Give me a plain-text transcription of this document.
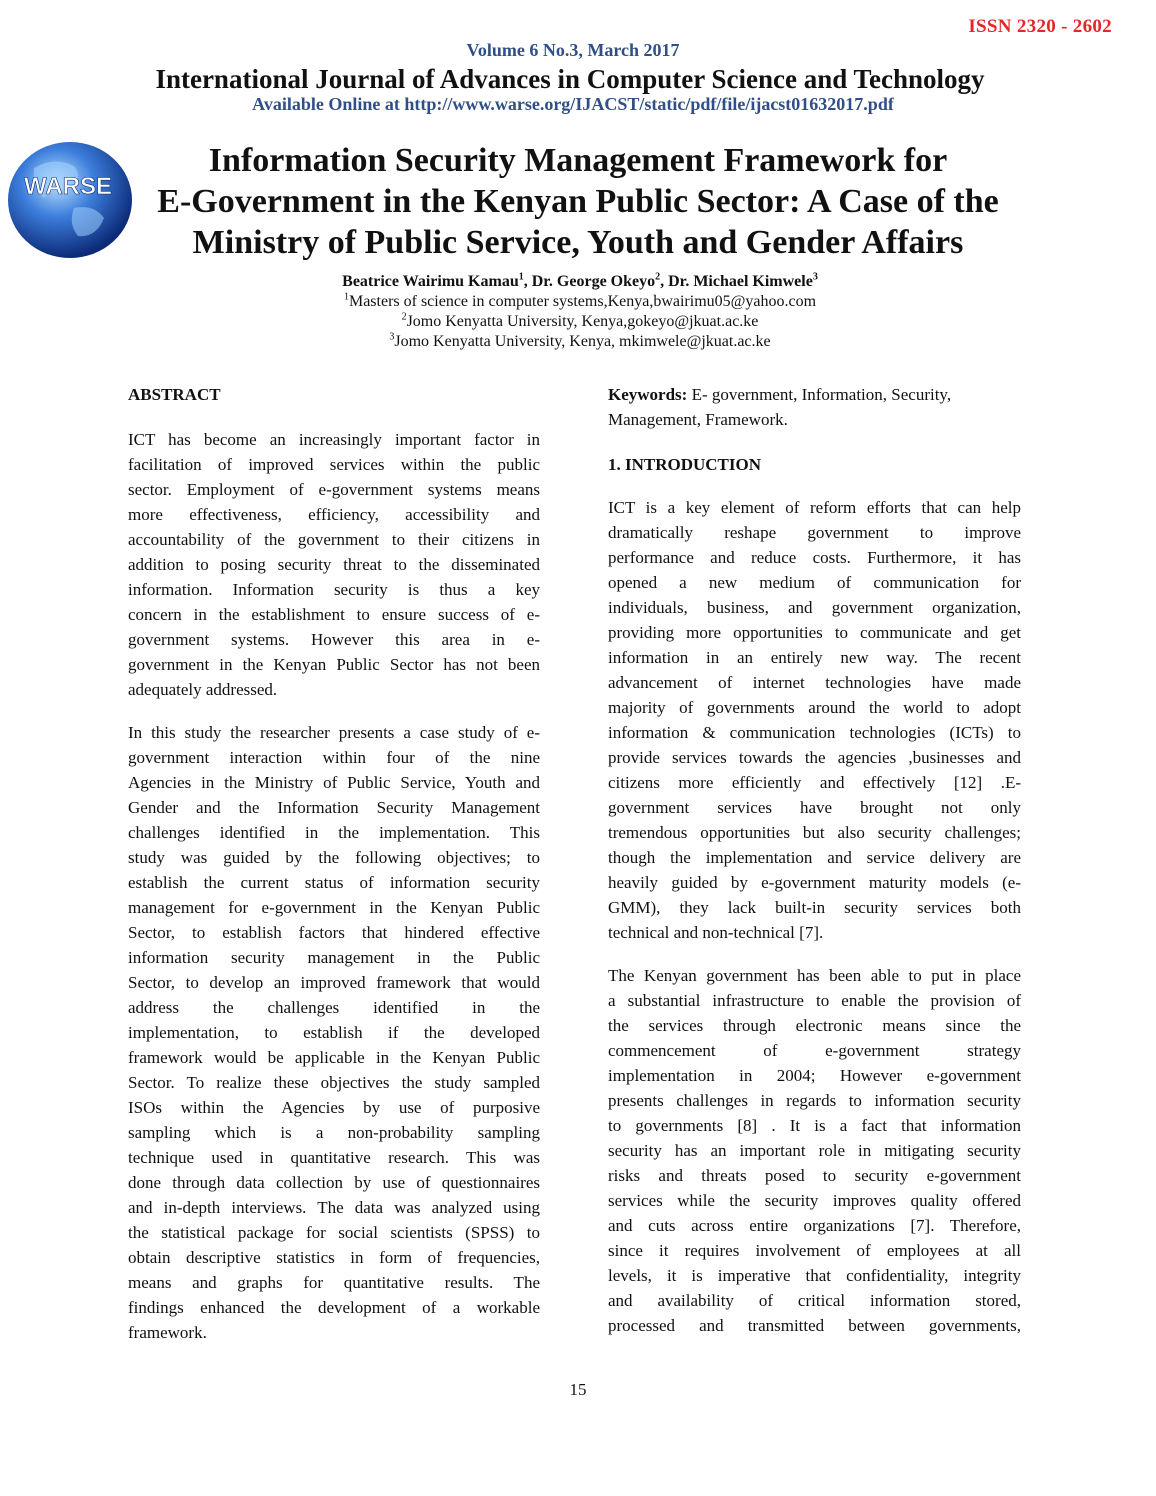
ISSN 2320 - 2602
Volume 6 No.3, March 2017
International Journal of Advances in Computer Science and Technology
Available Online at http://www.warse.org/IJACST/static/pdf/file/ijacst01632017.pdf
WARSE
Information Security Management Framework for
E-Government in the Kenyan Public Sector: A Case of the
Ministry of Public Service, Youth and Gender Affairs
Beatrice Wairimu Kamau$^1$, Dr. George Okeyo$^2$, Dr. Michael Kimwele$^3$
$^1$Masters of science in computer systems,Kenya,bwairimu05@yahoo.com
$^2$Jomo Kenyatta University, Kenya,gokeyo@jkuat.ac.ke
$^3$Jomo Kenyatta University, Kenya, mkimwele@jkuat.ac.ke
ABSTRACT
ICT has become an increasingly important factor in
facilitation of improved services within the public
sector. Employment of e-government systems means
more effectiveness, efficiency, accessibility and
accountability of the government to their citizens in
addition to posing security threat to the disseminated
information. Information security is thus a key
concern in the establishment to ensure success of e-
government systems. However this area in e-
government in the Kenyan Public Sector has not been
adequately addressed.
In this study the researcher presents a case study of e-
government interaction within four of the nine
Agencies in the Ministry of Public Service, Youth and
Gender and the Information Security Management
challenges identified in the implementation. This
study was guided by the following objectives; to
establish the current status of information security
management for e-government in the Kenyan Public
Sector, to establish factors that hindered effective
information security management in the Public
Sector, to develop an improved framework that would
address the challenges identified in the
implementation, to establish if the developed
framework would be applicable in the Kenyan Public
Sector. To realize these objectives the study sampled
ISOs within the Agencies by use of purposive
sampling which is a non-probability sampling
technique used in quantitative research. This was
done through data collection by use of questionnaires
and in-depth interviews. The data was analyzed using
the statistical package for social scientists (SPSS) to
obtain descriptive statistics in form of frequencies,
means and graphs for quantitative results. The
findings enhanced the development of a workable
framework.
Keywords: E- government, Information, Security,
Management, Framework.
1. INTRODUCTION
ICT is a key element of reform efforts that can help
dramatically reshape government to improve
performance and reduce costs. Furthermore, it has
opened a new medium of communication for
individuals, business, and government organization,
providing more opportunities to communicate and get
information in an entirely new way. The recent
advancement of internet technologies have made
majority of governments around the world to adopt
information & communication technologies (ICTs) to
provide services towards the agencies ,businesses and
citizens more efficiently and effectively [12] .E-
government services have brought not only
tremendous opportunities but also security challenges;
though the implementation and service delivery are
heavily guided by e-government maturity models (e-
GMM), they lack built-in security services both
technical and non-technical [7].
The Kenyan government has been able to put in place
a substantial infrastructure to enable the provision of
the services through electronic means since the
commencement of e-government strategy
implementation in 2004; However e-government
presents challenges in regards to information security
to governments [8] . It is a fact that information
security has an important role in mitigating security
risks and threats posed to security e-government
services while the security improves quality offered
and cuts across entire organizations [7]. Therefore,
since it requires involvement of employees at all
levels, it is imperative that confidentiality, integrity
and availability of critical information stored,
processed and transmitted between governments,
15
